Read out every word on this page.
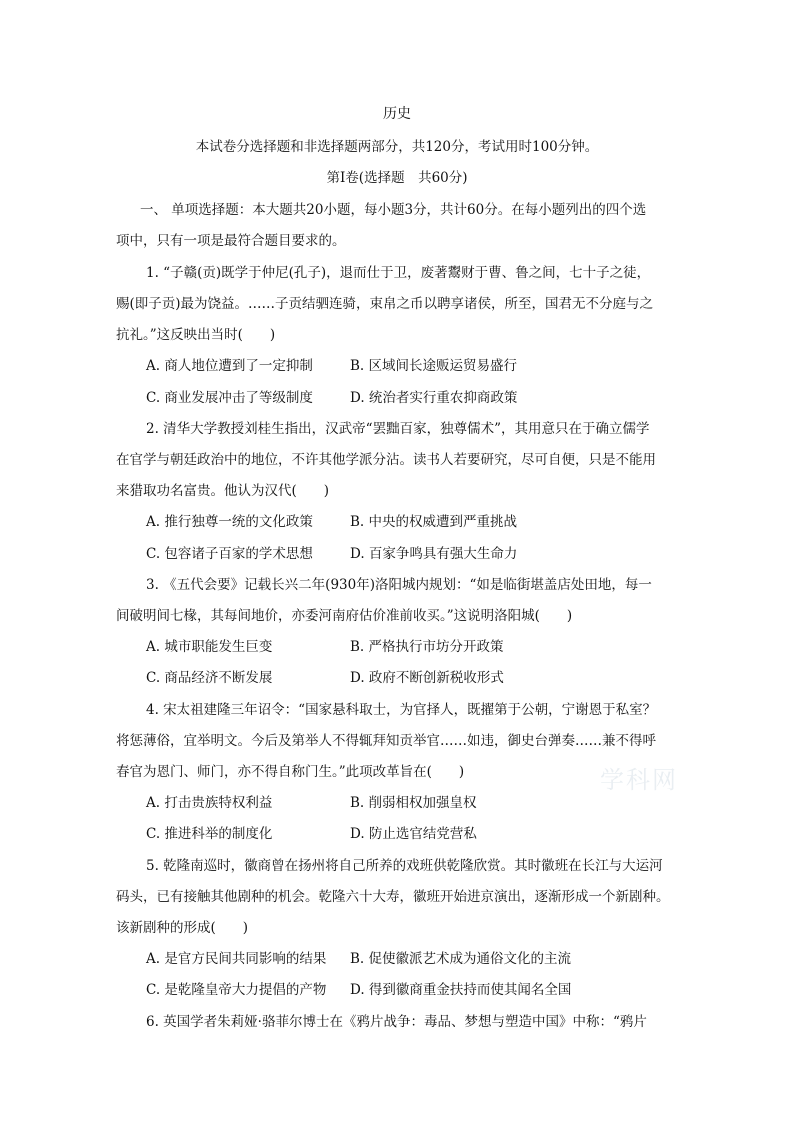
历史
本试卷分选择题和非选择题两部分，共120分，考试用时100分钟。
第Ⅰ卷(选择题　共60分)
一、 单项选择题：本大题共20小题，每小题3分，共计60分。在每小题列出的四个选
项中，只有一项是最符合题目要求的。
1. “子赣(贡)既学于仲尼(孔子)，退而仕于卫，废著鬻财于曹、鲁之间，七十子之徒，
赐(即子贡)最为饶益。……子贡结驷连骑，束帛之币以聘享诸侯，所至，国君无不分庭与之
抗礼。”这反映出当时(　　)
A. 商人地位遭到了一定抑制	B. 区域间长途贩运贸易盛行
C. 商业发展冲击了等级制度	D. 统治者实行重农抑商政策
2. 清华大学教授刘桂生指出，汉武帝“罢黜百家，独尊儒术”，其用意只在于确立儒学
在官学与朝廷政治中的地位，不许其他学派分沾。读书人若要研究，尽可自便，只是不能用
来猎取功名富贵。他认为汉代(　　)
A. 推行独尊一统的文化政策	B. 中央的权威遭到严重挑战
C. 包容诸子百家的学术思想	D. 百家争鸣具有强大生命力
3. 《五代会要》记载长兴二年(930年)洛阳城内规划：“如是临街堪盖店处田地，每一
间破明间七椽，其每间地价，亦委河南府估价准前收买。”这说明洛阳城(　　)
A. 城市职能发生巨变	B. 严格执行市坊分开政策
C. 商品经济不断发展	D. 政府不断创新税收形式
4. 宋太祖建隆三年诏令：“国家悬科取士，为官择人，既擢第于公朝，宁谢恩于私室？
将惩薄俗，宜举明文。今后及第举人不得辄拜知贡举官……如违，御史台弹奏……兼不得呼
春官为恩门、师门，亦不得自称门生。”此项改革旨在(　　)
A. 打击贵族特权利益	B. 削弱相权加强皇权
C. 推进科举的制度化	D. 防止选官结党营私
5. 乾隆南巡时，徽商曾在扬州将自己所养的戏班供乾隆欣赏。其时徽班在长江与大运河
码头，已有接触其他剧种的机会。乾隆六十大寿，徽班开始进京演出，逐渐形成一个新剧种。
该新剧种的形成(　　)
A. 是官方民间共同影响的结果 B. 促使徽派艺术成为通俗文化的主流
C. 是乾隆皇帝大力提倡的产物 D. 得到徽商重金扶持而使其闻名全国
6. 英国学者朱莉娅·骆菲尔博士在《鸦片战争：毒品、梦想与塑造中国》中称：“鸦片
学科网
